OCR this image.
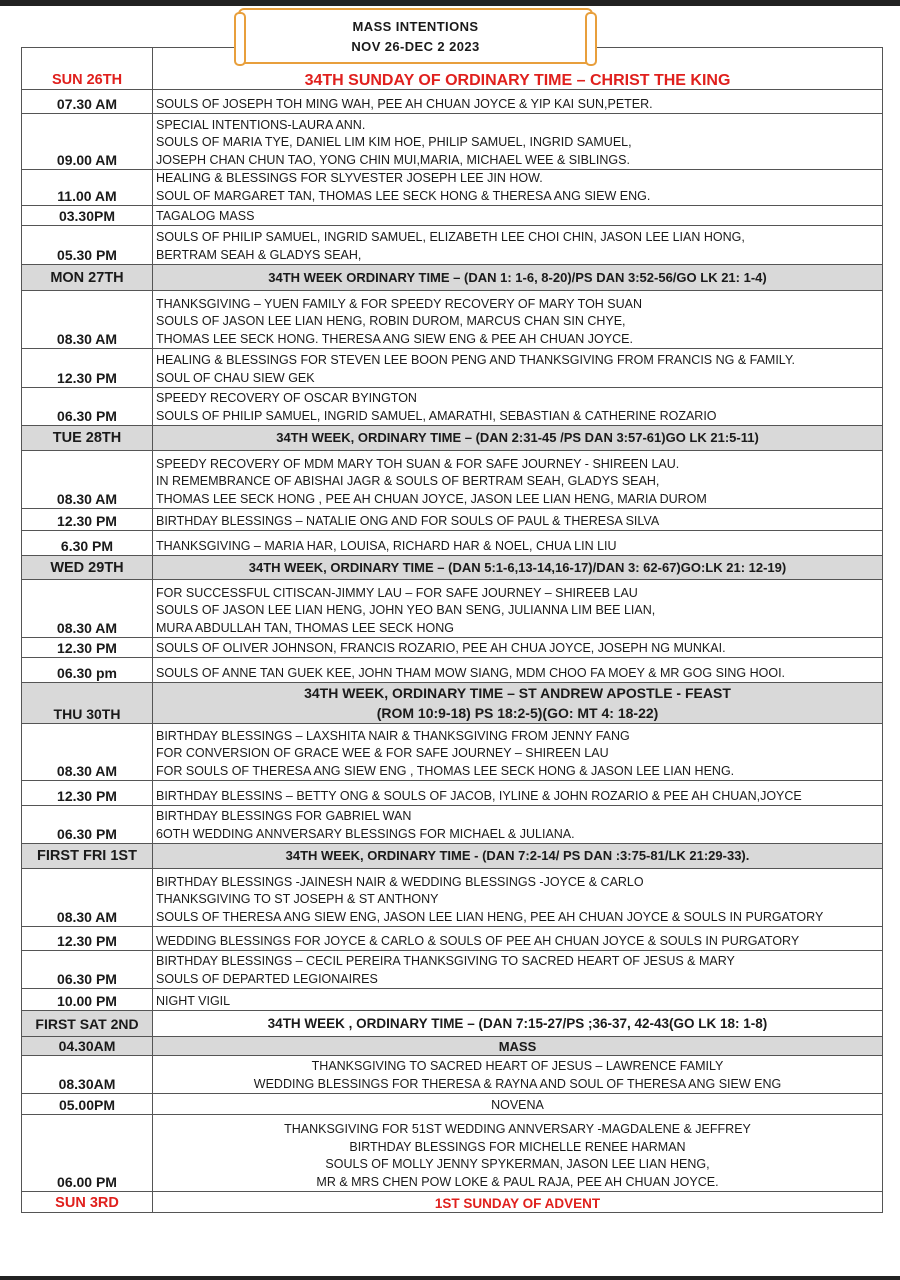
MASS INTENTIONS
NOV 26-DEC 2 2023
SUN 26TH	34TH SUNDAY OF ORDINARY TIME – CHRIST THE KING

07.30 AM	SOULS OF JOSEPH TOH MING WAH, PEE AH CHUAN JOYCE & YIP KAI SUN,PETER.

09.00 AM	SPECIAL INTENTIONS-LAURA ANN.
SOULS OF MARIA TYE, DANIEL LIM KIM HOE, PHILIP SAMUEL, INGRID SAMUEL,
JOSEPH CHAN CHUN TAO, YONG CHIN MUI,MARIA, MICHAEL WEE & SIBLINGS.

11.00 AM	HEALING & BLESSINGS FOR SLYVESTER JOSEPH LEE JIN HOW.
SOUL OF MARGARET TAN, THOMAS LEE SECK HONG & THERESA ANG SIEW ENG.

03.30PM	TAGALOG MASS

05.30 PM	SOULS OF PHILIP SAMUEL, INGRID SAMUEL, ELIZABETH LEE CHOI CHIN, JASON LEE LIAN HONG,
BERTRAM SEAH & GLADYS SEAH,

MON 27TH	34TH WEEK ORDINARY TIME – (DAN 1: 1-6, 8-20)/PS DAN 3:52-56/GO LK 21: 1-4)

08.30 AM	THANKSGIVING – YUEN FAMILY & FOR SPEEDY RECOVERY OF MARY TOH SUAN
SOULS OF JASON LEE LIAN HENG, ROBIN DUROM, MARCUS CHAN SIN CHYE,
THOMAS LEE SECK HONG. THERESA ANG SIEW ENG & PEE AH CHUAN JOYCE.

12.30 PM	HEALING & BLESSINGS FOR STEVEN LEE BOON PENG AND THANKSGIVING FROM FRANCIS NG & FAMILY.
SOUL OF CHAU SIEW GEK

06.30 PM	SPEEDY RECOVERY OF OSCAR BYINGTON
SOULS OF PHILIP SAMUEL, INGRID SAMUEL, AMARATHI, SEBASTIAN & CATHERINE ROZARIO

TUE 28TH	34TH WEEK, ORDINARY TIME – (DAN 2:31-45 /PS DAN 3:57-61)GO LK 21:5-11)

08.30 AM	SPEEDY RECOVERY OF MDM MARY TOH SUAN & FOR SAFE JOURNEY - SHIREEN LAU.
IN REMEMBRANCE OF ABISHAI JAGR & SOULS OF BERTRAM SEAH, GLADYS SEAH,
THOMAS LEE SECK HONG , PEE AH CHUAN JOYCE, JASON LEE LIAN HENG, MARIA DUROM

12.30 PM	BIRTHDAY BLESSINGS – NATALIE ONG AND FOR SOULS OF PAUL & THERESA SILVA

6.30 PM	THANKSGIVING – MARIA HAR, LOUISA, RICHARD HAR & NOEL, CHUA LIN LIU

WED 29TH	34TH WEEK, ORDINARY TIME – (DAN 5:1-6,13-14,16-17)/DAN 3: 62-67)GO:LK 21: 12-19)

08.30 AM	FOR SUCCESSFUL CITISCAN-JIMMY LAU – FOR SAFE JOURNEY – SHIREEB LAU
SOULS OF JASON LEE LIAN HENG, JOHN YEO BAN SENG, JULIANNA LIM BEE LIAN,
MURA ABDULLAH TAN, THOMAS LEE SECK HONG

12.30 PM	SOULS OF OLIVER JOHNSON, FRANCIS ROZARIO, PEE AH CHUA JOYCE, JOSEPH NG MUNKAI.

06.30 pm	SOULS OF ANNE TAN GUEK KEE, JOHN THAM MOW SIANG, MDM CHOO FA MOEY & MR GOG SING HOOI.

THU 30TH	34TH WEEK, ORDINARY TIME – ST ANDREW APOSTLE - FEAST
(ROM 10:9-18) PS 18:2-5)(GO: MT 4: 18-22)

08.30 AM	BIRTHDAY BLESSINGS – LAXSHITA NAIR & THANKSGIVING FROM JENNY FANG
FOR CONVERSION OF GRACE WEE & FOR SAFE JOURNEY – SHIREEN LAU
FOR SOULS OF THERESA ANG SIEW ENG , THOMAS LEE SECK HONG & JASON LEE LIAN HENG.

12.30 PM	BIRTHDAY BLESSINS – BETTY ONG & SOULS OF JACOB, IYLINE & JOHN ROZARIO & PEE AH CHUAN,JOYCE

06.30 PM	BIRTHDAY BLESSINGS FOR GABRIEL WAN
6OTH WEDDING ANNVERSARY BLESSINGS FOR MICHAEL & JULIANA.

FIRST FRI 1ST	34TH WEEK, ORDINARY TIME - (DAN 7:2-14/ PS DAN :3:75-81/LK 21:29-33).

08.30 AM	BIRTHDAY BLESSINGS -JAINESH NAIR & WEDDING BLESSINGS -JOYCE & CARLO
THANKSGIVING TO ST JOSEPH & ST ANTHONY
SOULS OF THERESA ANG SIEW ENG, JASON LEE LIAN HENG, PEE AH CHUAN JOYCE & SOULS IN PURGATORY

12.30 PM	WEDDING BLESSINGS FOR JOYCE & CARLO & SOULS OF PEE AH CHUAN JOYCE & SOULS IN PURGATORY

06.30 PM	BIRTHDAY BLESSINGS – CECIL PEREIRA THANKSGIVING TO SACRED HEART OF JESUS & MARY
SOULS OF DEPARTED LEGIONAIRES

10.00 PM	NIGHT VIGIL

FIRST SAT 2ND	34TH WEEK , ORDINARY TIME – (DAN 7:15-27/PS ;36-37, 42-43(GO LK 18: 1-8)

04.30AM	MASS

08.30AM	THANKSGIVING TO SACRED HEART OF JESUS – LAWRENCE FAMILY
WEDDING BLESSINGS FOR THERESA & RAYNA AND SOUL OF THERESA ANG SIEW ENG

05.00PM	NOVENA

06.00 PM	THANKSGIVING FOR 51ST WEDDING ANNVERSARY -MAGDALENE & JEFFREY
BIRTHDAY BLESSINGS FOR MICHELLE RENEE HARMAN
SOULS OF MOLLY JENNY SPYKERMAN, JASON LEE LIAN HENG,
MR & MRS CHEN POW LOKE & PAUL RAJA, PEE AH CHUAN JOYCE.

SUN 3RD	1ST SUNDAY OF ADVENT
